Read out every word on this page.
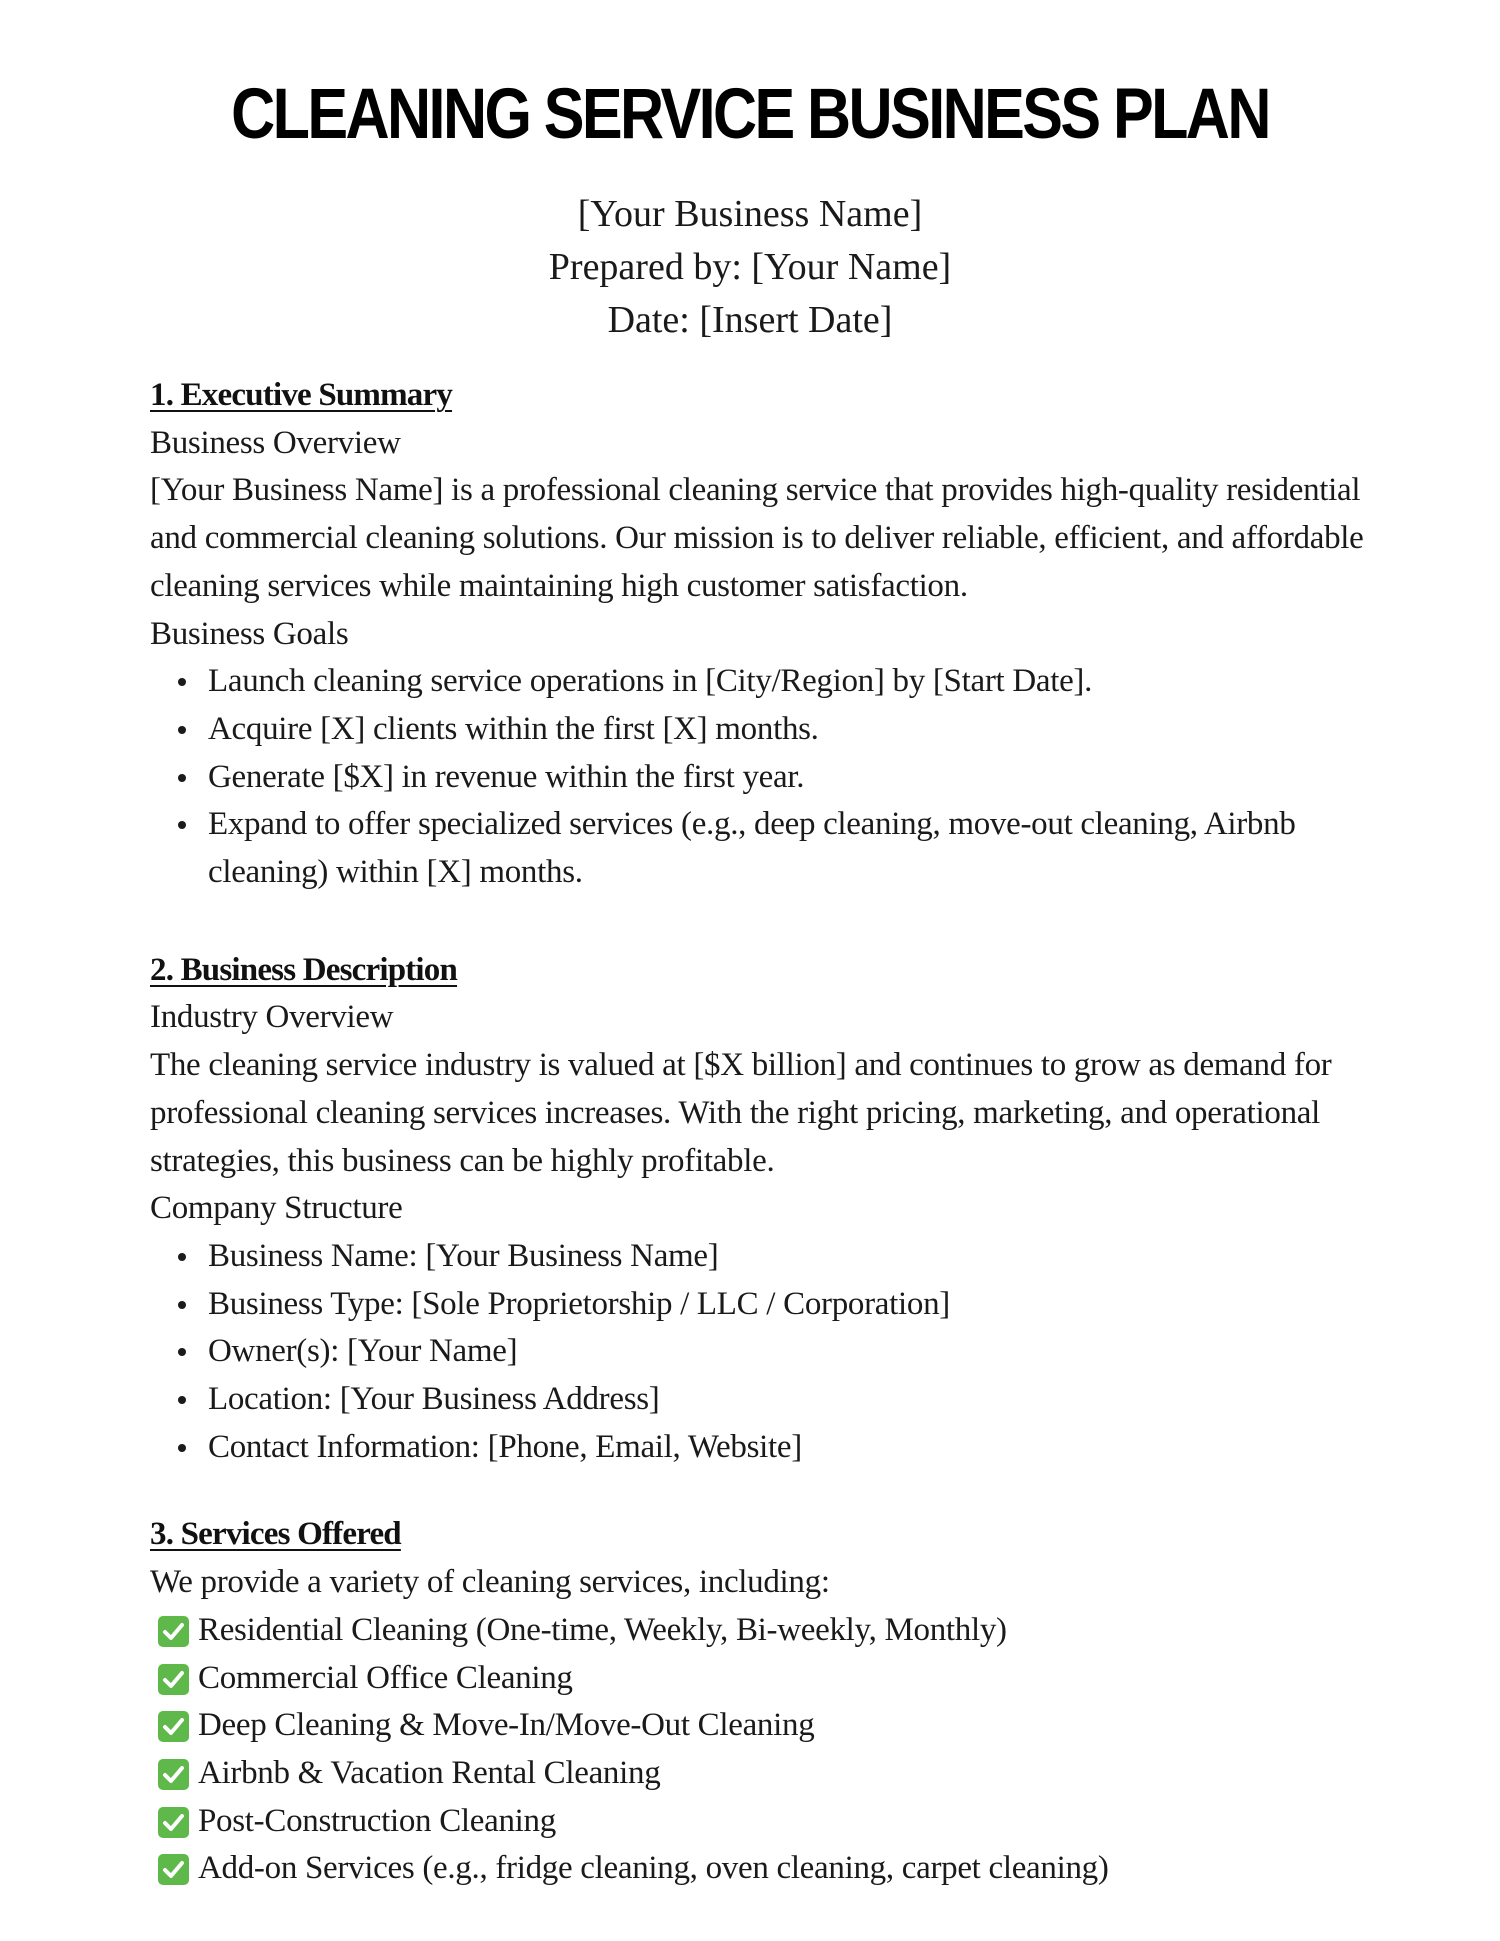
CLEANING SERVICE BUSINESS PLAN
[Your Business Name]
Prepared by: [Your Name]
Date: [Insert Date]
1. Executive Summary
Business Overview
[Your Business Name] is a professional cleaning service that provides high-quality residential and commercial cleaning solutions. Our mission is to deliver reliable, efficient, and affordable cleaning services while maintaining high customer satisfaction.
Business Goals
Launch cleaning service operations in [City/Region] by [Start Date].
Acquire [X] clients within the first [X] months.
Generate [$X] in revenue within the first year.
Expand to offer specialized services (e.g., deep cleaning, move-out cleaning, Airbnb cleaning) within [X] months.
2. Business Description
Industry Overview
The cleaning service industry is valued at [$X billion] and continues to grow as demand for professional cleaning services increases. With the right pricing, marketing, and operational strategies, this business can be highly profitable.
Company Structure
Business Name: [Your Business Name]
Business Type: [Sole Proprietorship / LLC / Corporation]
Owner(s): [Your Name]
Location: [Your Business Address]
Contact Information: [Phone, Email, Website]
3. Services Offered
We provide a variety of cleaning services, including:
Residential Cleaning (One-time, Weekly, Bi-weekly, Monthly)
Commercial Office Cleaning
Deep Cleaning & Move-In/Move-Out Cleaning
Airbnb & Vacation Rental Cleaning
Post-Construction Cleaning
Add-on Services (e.g., fridge cleaning, oven cleaning, carpet cleaning)
